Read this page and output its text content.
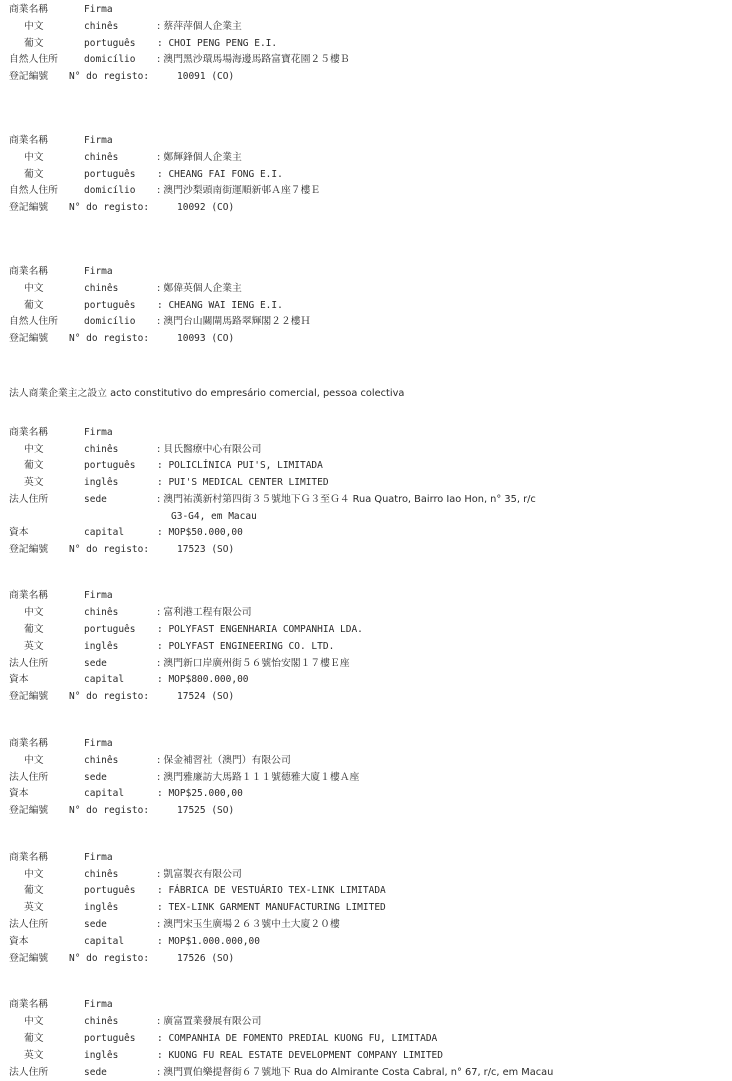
商業名稱	Firma
中文	chinês	: 蔡萍萍個人企業主
葡文	português : CHOI PENG PENG E.I.
自然人住所	domicílio : 澳門黑沙環馬場海邊馬路富寶花園２５樓Ｂ
登記編號 N° do registo:	10091 (CO)
商業名稱	Firma
中文	chinês	: 鄭輝鋒個人企業主
葡文	português : CHEANG FAI FONG E.I.
自然人住所	domicílio : 澳門沙梨頭南街運順新邨Ａ座７樓Ｅ
登記編號 N° do registo:	10092 (CO)
商業名稱	Firma
中文	chinês	: 鄭偉英個人企業主
葡文	português : CHEANG WAI IENG E.I.
自然人住所	domicílio : 澳門台山關閘馬路翠輝閣２２樓Ｈ
登記編號 N° do registo:	10093 (CO)
法人商業企業主之設立 acto constitutivo do empresário comercial, pessoa colectiva
商業名稱	Firma
中文	chinês	: 貝氏醫療中心有限公司
葡文	português : POLICLÍNICA PUI'S, LIMITADA
英文	inglês	: PUI'S MEDICAL CENTER LIMITED
法人住所	sede	: 澳門祐漢新村第四街３５號地下Ｇ３至Ｇ４ Rua Quatro, Bairro Iao Hon, n° 35, r/c
G3-G4, em Macau
資本	capital	: MOP$50.000,00
登記編號 N° do registo:	17523 (SO)
商業名稱	Firma
中文	chinês	: 富利港工程有限公司
葡文	português : POLYFAST ENGENHARIA COMPANHIA LDA.
英文	inglês	: POLYFAST ENGINEERING CO. LTD.
法人住所	sede	: 澳門新口岸廣州街５６號怡安閣１７樓Ｅ座
資本	capital	: MOP$800.000,00
登記編號 N° do registo:	17524 (SO)
商業名稱	Firma
中文	chinês	: 保金補習社（澳門）有限公司
法人住所	sede	: 澳門雅廉訪大馬路１１１號德雅大廈１樓Ａ座
資本	capital	: MOP$25.000,00
登記編號 N° do registo:	17525 (SO)
商業名稱	Firma
中文	chinês	: 凱富製衣有限公司
葡文	português : FÁBRICA DE VESTUÁRIO TEX-LINK LIMITADA
英文	inglês	: TEX-LINK GARMENT MANUFACTURING LIMITED
法人住所	sede	: 澳門宋玉生廣場２６３號中土大廈２０樓
資本	capital	: MOP$1.000.000,00
登記編號 N° do registo:	17526 (SO)
商業名稱	Firma
中文	chinês	: 廣富置業發展有限公司
葡文	português : COMPANHIA DE FOMENTO PREDIAL KUONG FU, LIMITADA
英文	inglês	: KUONG FU REAL ESTATE DEVELOPMENT COMPANY LIMITED
法人住所	sede	: 澳門賈伯樂提督街６７號地下 Rua do Almirante Costa Cabral, n° 67, r/c, em Macau
